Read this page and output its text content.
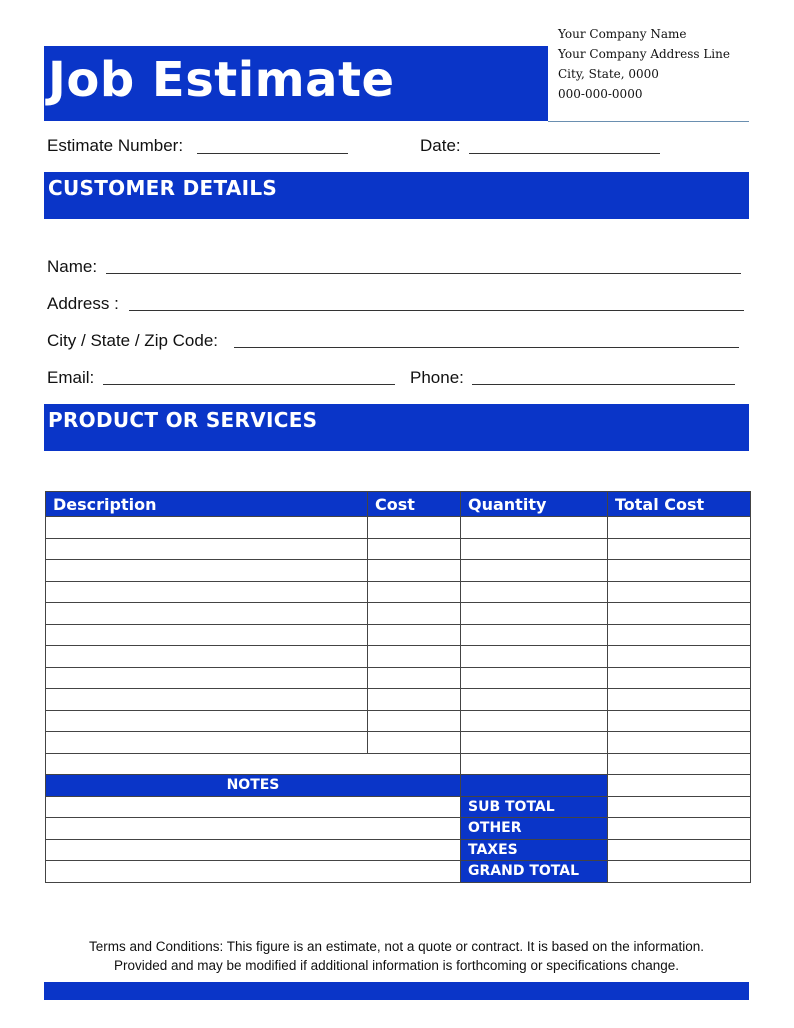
Job Estimate
Your Company Name
Your Company Address Line
City, State, 0000
000-000-0000
Estimate Number:	Date:
CUSTOMER DETAILS
Name:
Address :
City / State / Zip Code:
Email:	Phone:
PRODUCT OR SERVICES
Description	Cost	Quantity	Total Cost

NOTES			
		SUB TOTAL	
		OTHER	
		TAXES	
		GRAND TOTAL	
Terms and Conditions: This figure is an estimate, not a quote or contract. It is based on the information.
Provided and may be modified if additional information is forthcoming or specifications change.
